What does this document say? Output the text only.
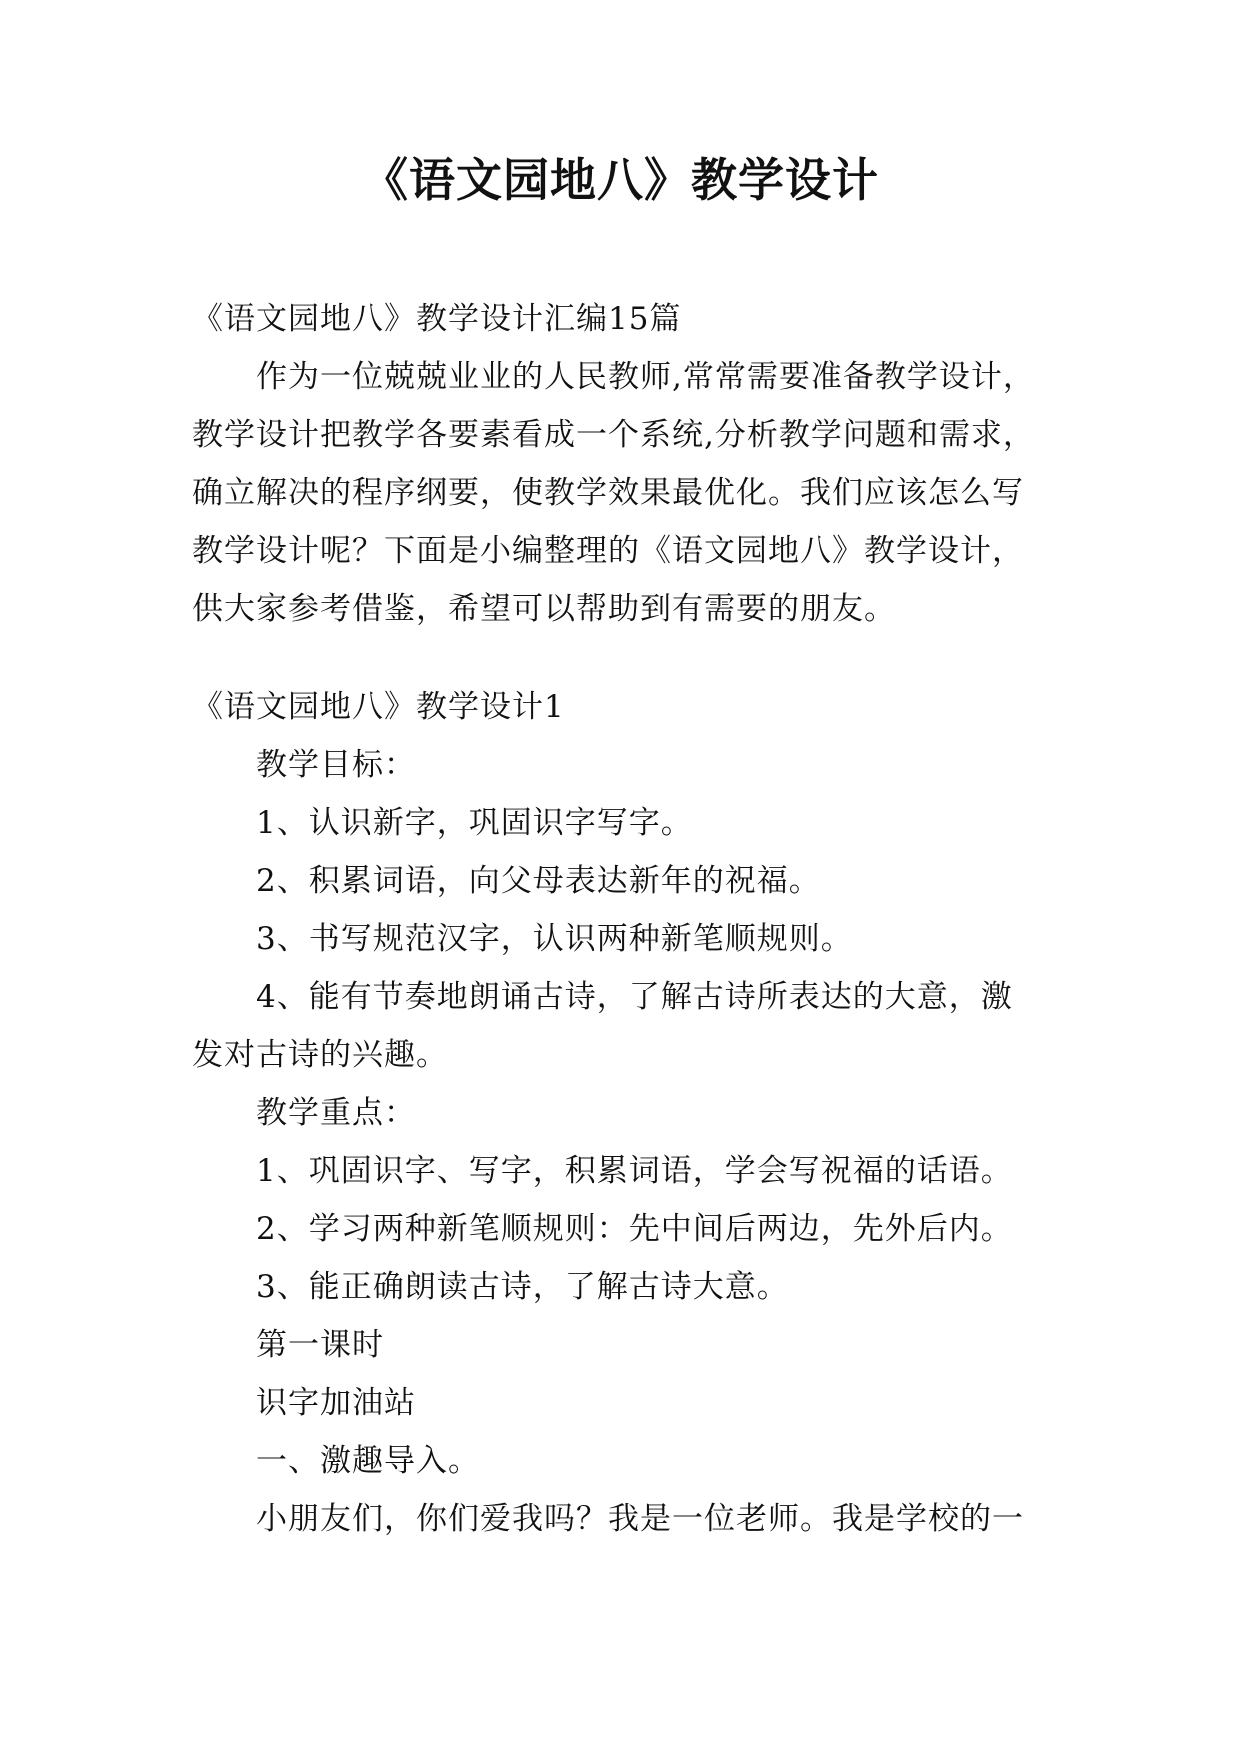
《语文园地八》教学设计
《语文园地八》教学设计汇编15篇
作为一位兢兢业业的人民教师,常常需要准备教学设计，
教学设计把教学各要素看成一个系统,分析教学问题和需求，
确立解决的程序纲要，使教学效果最优化。我们应该怎么写
教学设计呢？下面是小编整理的《语文园地八》教学设计，
供大家参考借鉴，希望可以帮助到有需要的朋友。
《语文园地八》教学设计1
教学目标：
1、认识新字，巩固识字写字。
2、积累词语，向父母表达新年的祝福。
3、书写规范汉字，认识两种新笔顺规则。
4、能有节奏地朗诵古诗，了解古诗所表达的大意，激
发对古诗的兴趣。
教学重点：
1、巩固识字、写字，积累词语，学会写祝福的话语。
2、学习两种新笔顺规则：先中间后两边，先外后内。
3、能正确朗读古诗，了解古诗大意。
第一课时
识字加油站
一、激趣导入。
小朋友们，你们爱我吗？我是一位老师。我是学校的一
